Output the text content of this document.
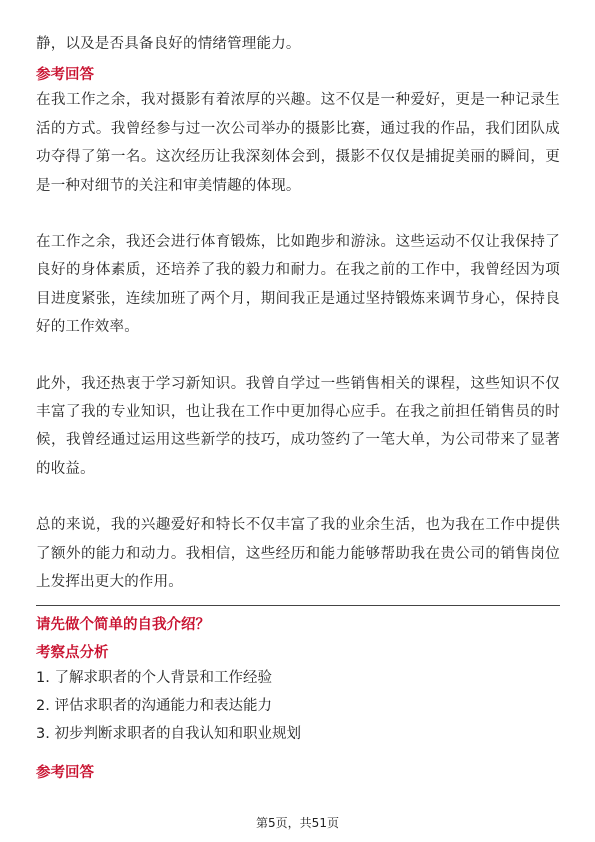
静，以及是否具备良好的情绪管理能力。

参考回答

在我工作之余，我对摄影有着浓厚的兴趣。这不仅是一种爱好，更是一种记录生活的方式。我曾经参与过一次公司举办的摄影比赛，通过我的作品，我们团队成功夺得了第一名。这次经历让我深刻体会到，摄影不仅仅是捕捉美丽的瞬间，更是一种对细节的关注和审美情趣的体现。

在工作之余，我还会进行体育锻炼，比如跑步和游泳。这些运动不仅让我保持了良好的身体素质，还培养了我的毅力和耐力。在我之前的工作中，我曾经因为项目进度紧张，连续加班了两个月，期间我正是通过坚持锻炼来调节身心，保持良好的工作效率。

此外，我还热衷于学习新知识。我曾自学过一些销售相关的课程，这些知识不仅丰富了我的专业知识，也让我在工作中更加得心应手。在我之前担任销售员的时候，我曾经通过运用这些新学的技巧，成功签约了一笔大单，为公司带来了显著的收益。

总的来说，我的兴趣爱好和特长不仅丰富了我的业余生活，也为我在工作中提供了额外的能力和动力。我相信，这些经历和能力能够帮助我在贵公司的销售岗位上发挥出更大的作用。

请先做个简单的自我介绍？

考察点分析

1. 了解求职者的个人背景和工作经验

2. 评估求职者的沟通能力和表达能力

3. 初步判断求职者的自我认知和职业规划

参考回答

第5页，共51页
